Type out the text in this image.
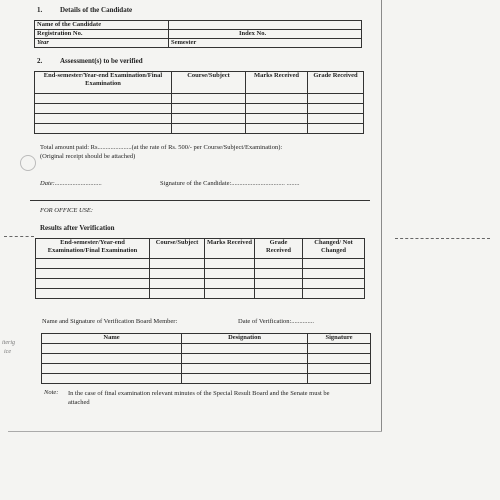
1.	Details of the Candidate
Name of the Candidate	
Registration No.	Index No.
Year	Semester
2.	Assessment(s) to be verified
End-semester/Year-end Examination/Final Examination	Course/Subject	Marks Received	Grade Received

Total amount paid: Rs.....................(at the rate of Rs. 500/- per Course/Subject/Examination):
(Original receipt should be attached)
Date:.............................	Signature of the Candidate:................................. ........
FOR OFFICE USE:
Results after Verification
End-semester/Year-end Examination/Final Examination	Course/Subject	Marks Received	Grade Received	Changed/ Not Changed

Name and Signature of Verification Board Member:	Date of Verification:..............
iterig
ice
Name	Designation	Signature

Note: In the case of final examination relevant minutes of the Special Result Board and the Senate must be attached
